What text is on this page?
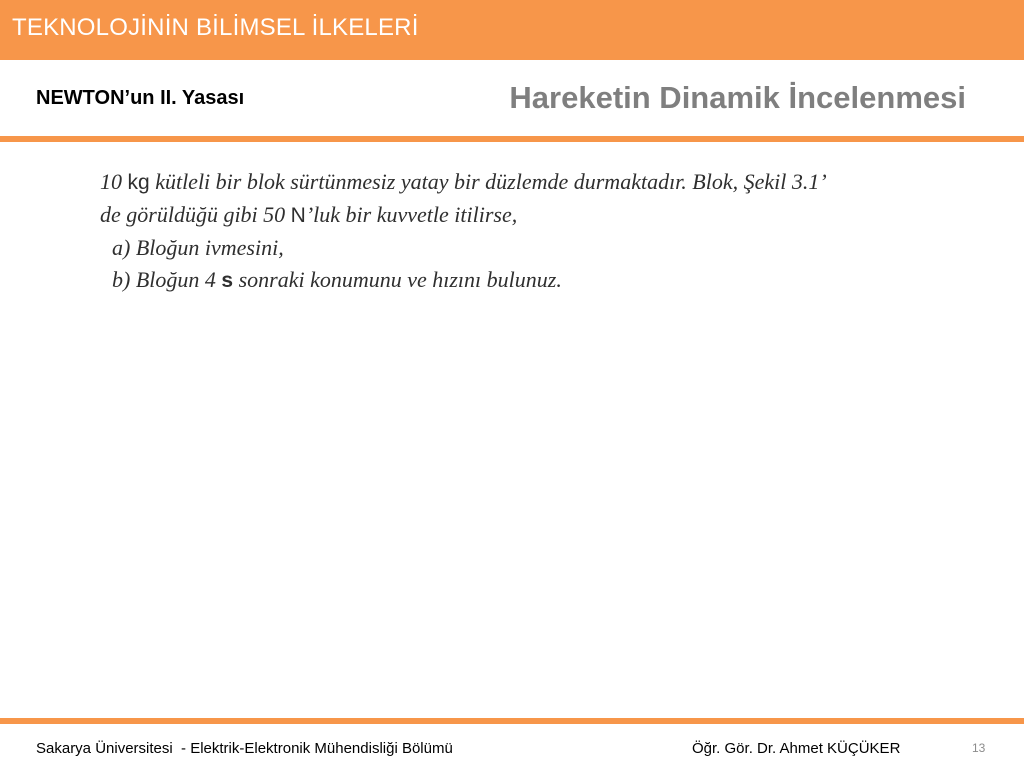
TEKNOLOJİNİN BİLİMSEL İLKELERİ
NEWTON’un II. Yasası	Hareketin Dinamik İncelenmesi
10 kg kütleli bir blok sürtünmesiz yatay bir düzlemde durmaktadır. Blok, Şekil 3.1’
de görüldüğü gibi 50 N’luk bir kuvvetle itilirse,
a) Bloğun ivmesini,
b) Bloğun 4 s sonraki konumunu ve hızını bulunuz.
Sakarya Üniversitesi  - Elektrik-Elektronik Mühendisliği Bölümü	Öğr. Gör. Dr. Ahmet KÜÇÜKER	13
